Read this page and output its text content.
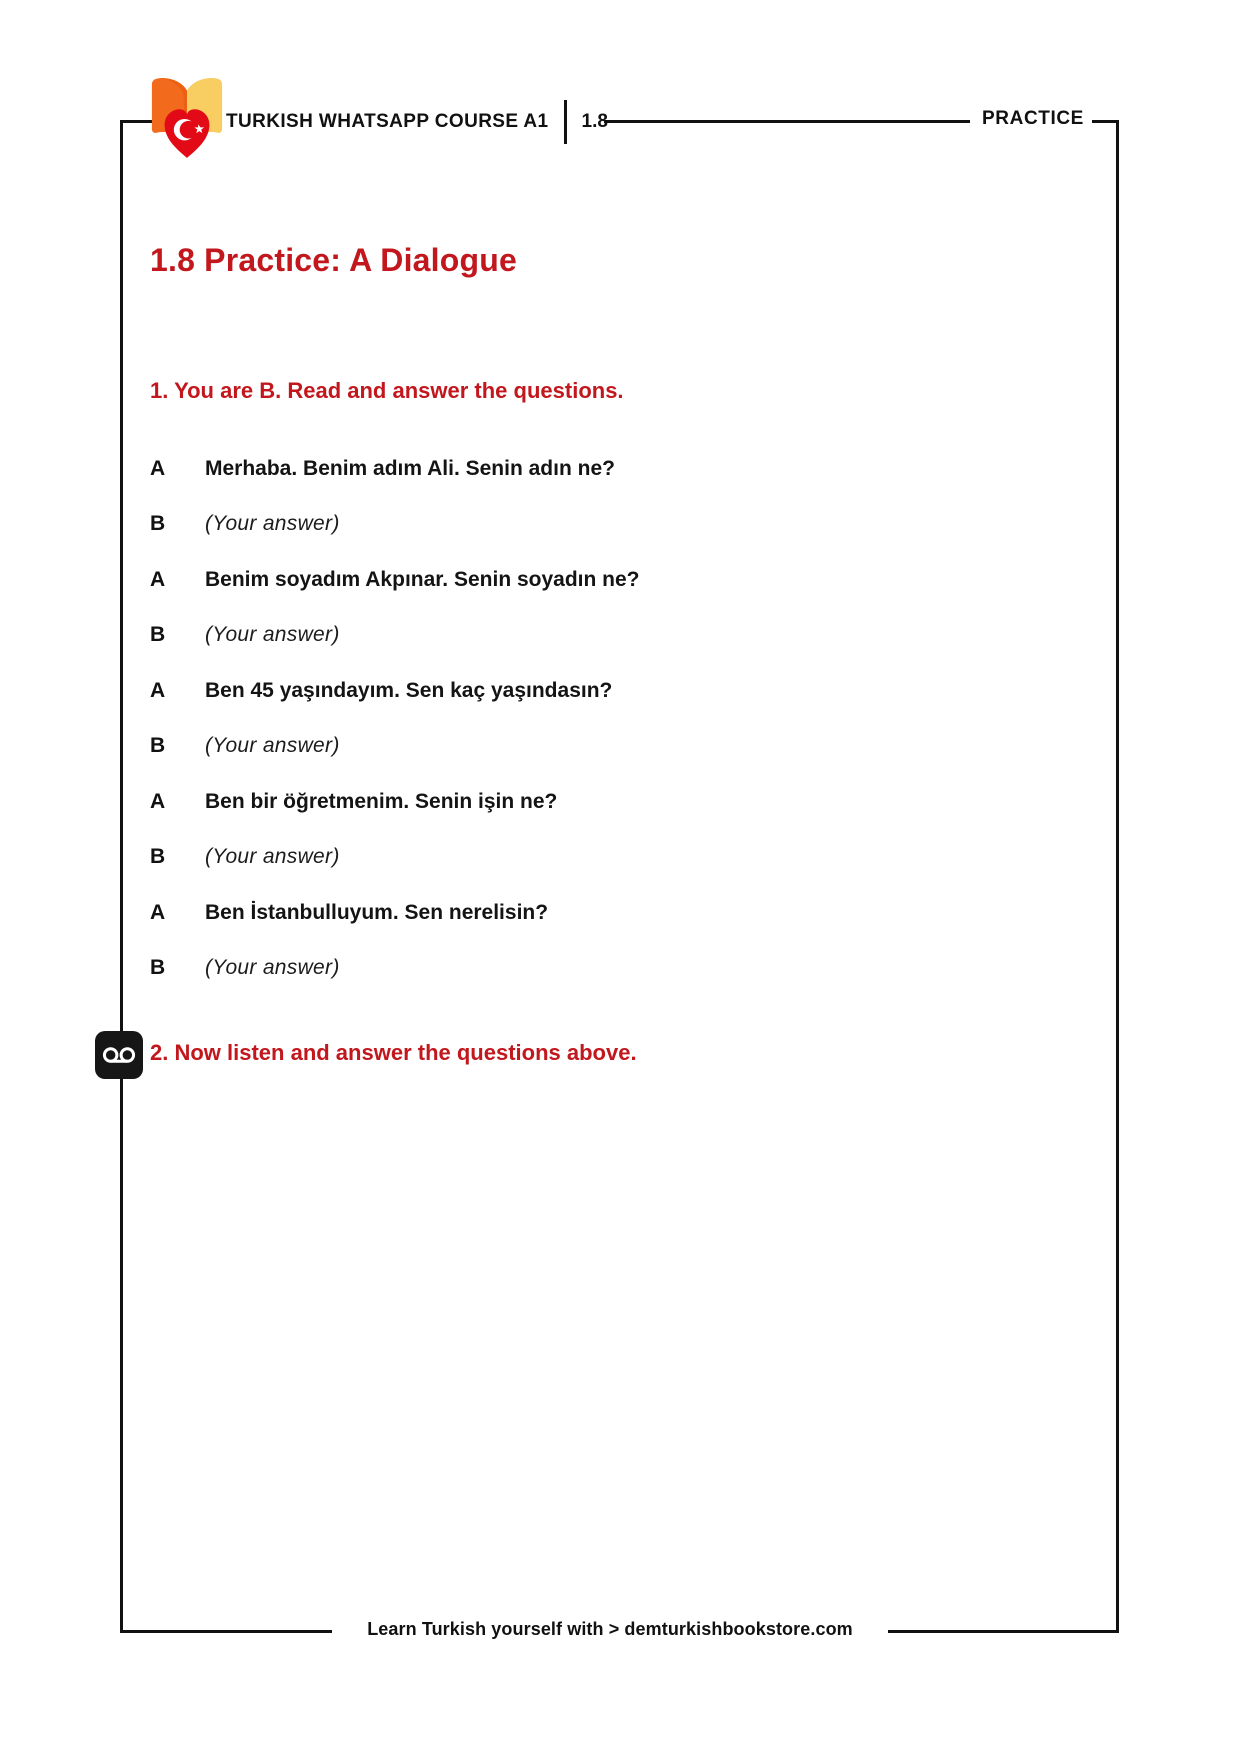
TURKISH WHATSAPP COURSE A1 1.8	PRACTICE
1.8 Practice: A Dialogue
1. You are B. Read and answer the questions.
A	Merhaba. Benim adım Ali. Senin adın ne?
B	(Your answer)
A	Benim soyadım Akpınar. Senin soyadın ne?
B	(Your answer)
A	Ben 45 yaşındayım. Sen kaç yaşındasın?
B	(Your answer)
A	Ben bir öğretmenim. Senin işin ne?
B	(Your answer)
A	Ben İstanbulluyum. Sen nerelisin?
B	(Your answer)
2. Now listen and answer the questions above.
Learn Turkish yourself with > demturkishbookstore.com
